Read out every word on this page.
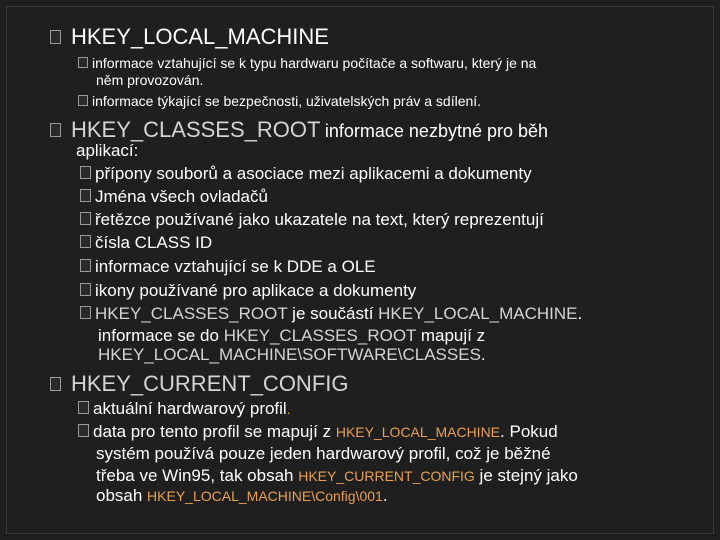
HKEY_LOCAL_MACHINE
informace vztahující se k typu hardwaru počítače a softwaru, který je na
něm provozován.
informace týkající se bezpečnosti, uživatelských práv a sdílení.
HKEY_CLASSES_ROOT informace nezbytné pro běh
aplikací:
přípony souborů a asociace mezi aplikacemi a dokumenty
Jména všech ovladačů
řetězce používané jako ukazatele na text, který reprezentují
čísla CLASS ID
informace vztahující se k DDE a OLE
ikony používané pro aplikace a dokumenty
HKEY_CLASSES_ROOT je součástí HKEY_LOCAL_MACHINE.
informace se do HKEY_CLASSES_ROOT mapují z
HKEY_LOCAL_MACHINE\SOFTWARE\CLASSES.
HKEY_CURRENT_CONFIG
aktuální hardwarový profil.
data pro tento profil se mapují z HKEY_LOCAL_MACHINE. Pokud
systém používá pouze jeden hardwarový profil, což je běžné
třeba ve Win95, tak obsah HKEY_CURRENT_CONFIG je stejný jako
obsah HKEY_LOCAL_MACHINE\Config\001.
